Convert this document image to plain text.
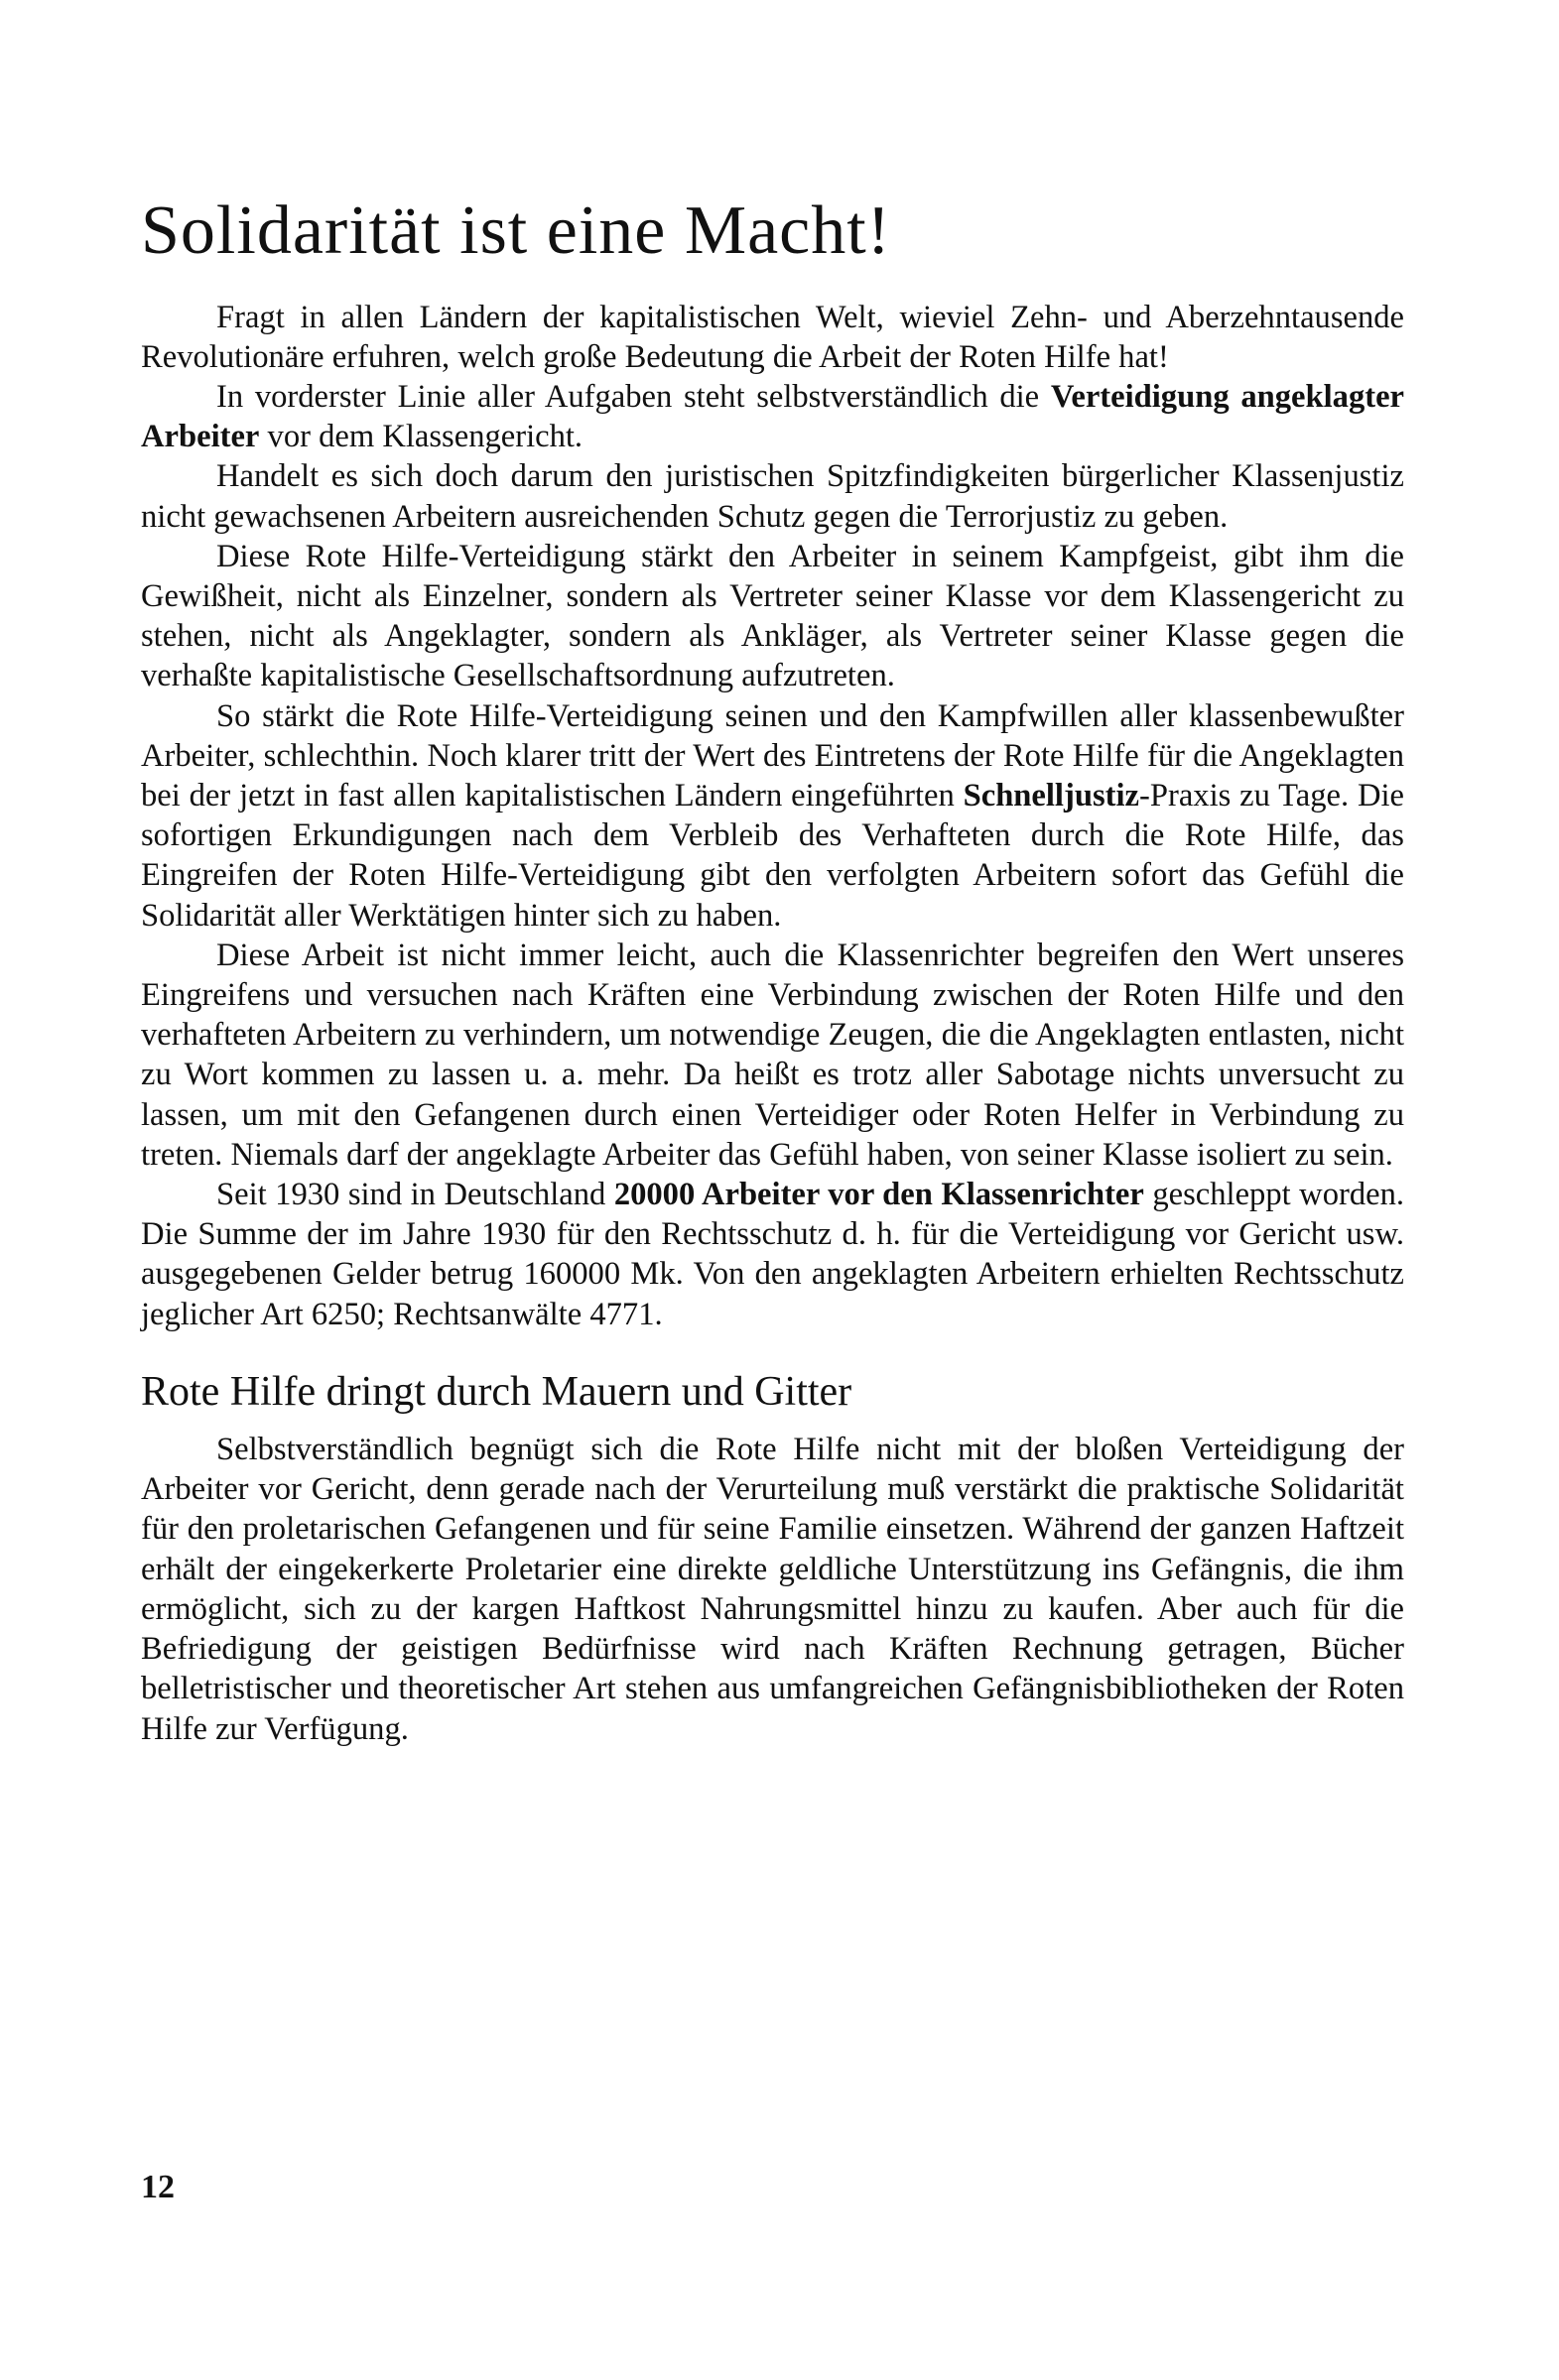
Solidarität ist eine Macht!

Fragt in allen Ländern der kapitalistischen Welt, wieviel Zehn- und Aberzehntausende Revolutionäre erfuhren, welch große Bedeutung die Arbeit der Roten Hilfe hat!

In vorderster Linie aller Aufgaben steht selbstverständlich die Verteidigung angeklagter Arbeiter vor dem Klassengericht.

Handelt es sich doch darum den juristischen Spitzfindigkeiten bürgerlicher Klassenjustiz nicht gewachsenen Arbeitern ausreichenden Schutz gegen die Terrorjustiz zu geben.

Diese Rote Hilfe-Verteidigung stärkt den Arbeiter in seinem Kampfgeist, gibt ihm die Gewißheit, nicht als Einzelner, sondern als Vertreter seiner Klasse vor dem Klassengericht zu stehen, nicht als Angeklagter, sondern als Ankläger, als Vertreter seiner Klasse gegen die verhaßte kapitalistische Gesellschaftsordnung aufzutreten.

So stärkt die Rote Hilfe-Verteidigung seinen und den Kampfwillen aller klassenbewußter Arbeiter, schlechthin. Noch klarer tritt der Wert des Eintretens der Rote Hilfe für die Angeklagten bei der jetzt in fast allen kapitalistischen Ländern eingeführten Schnelljustiz-Praxis zu Tage. Die sofortigen Erkundigungen nach dem Verbleib des Verhafteten durch die Rote Hilfe, das Eingreifen der Roten Hilfe-Verteidigung gibt den verfolgten Arbeitern sofort das Gefühl die Solidarität aller Werktätigen hinter sich zu haben.

Diese Arbeit ist nicht immer leicht, auch die Klassenrichter begreifen den Wert unseres Eingreifens und versuchen nach Kräften eine Verbindung zwischen der Roten Hilfe und den verhafteten Arbeitern zu verhindern, um notwendige Zeugen, die die Angeklagten entlasten, nicht zu Wort kommen zu lassen u. a. mehr. Da heißt es trotz aller Sabotage nichts unversucht zu lassen, um mit den Gefangenen durch einen Verteidiger oder Roten Helfer in Verbindung zu treten. Niemals darf der angeklagte Arbeiter das Gefühl haben, von seiner Klasse isoliert zu sein.

Seit 1930 sind in Deutschland 20000 Arbeiter vor den Klassenrichter geschleppt worden. Die Summe der im Jahre 1930 für den Rechtsschutz d. h. für die Verteidigung vor Gericht usw. ausgegebenen Gelder betrug 160000 Mk. Von den angeklagten Arbeitern erhielten Rechtsschutz jeglicher Art 6250; Rechtsanwälte 4771.

Rote Hilfe dringt durch Mauern und Gitter

Selbstverständlich begnügt sich die Rote Hilfe nicht mit der bloßen Verteidigung der Arbeiter vor Gericht, denn gerade nach der Verurteilung muß verstärkt die praktische Solidarität für den proletarischen Gefangenen und für seine Familie einsetzen. Während der ganzen Haftzeit erhält der eingekerkerte Proletarier eine direkte geldliche Unterstützung ins Gefängnis, die ihm ermöglicht, sich zu der kargen Haftkost Nahrungsmittel hinzu zu kaufen. Aber auch für die Befriedigung der geistigen Bedürfnisse wird nach Kräften Rechnung getragen, Bücher belletristischer und theoretischer Art stehen aus umfangreichen Gefängnisbibliotheken der Roten Hilfe zur Verfügung.

12
